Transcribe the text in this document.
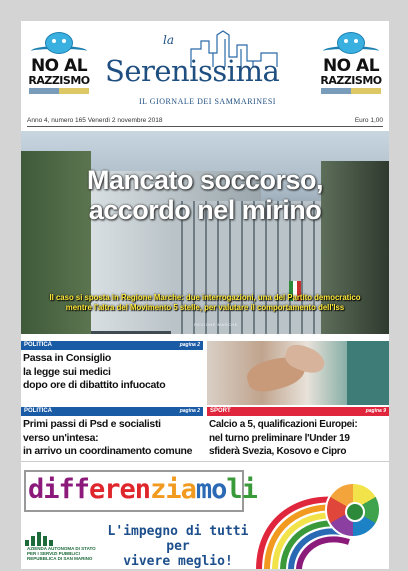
NO AL
RAZZISMO
la
Serenissima
IL GIORNALE DEI SAMMARINESI
NO AL
RAZZISMO
Anno 4, numero 165 Venerdì 2 novembre 2018	Euro 1,00
REGIONE MARCHE
Mancato soccorso,
accordo nel mirino
Il caso si sposta in Regione Marche: due interrogazioni, una del Partito democratico
mentre l'altra del Movimento 5 stelle, per valutare il comportamento dell'Iss
POLITICA	pagina 2
Passa in Consiglio
la legge sui medici
dopo ore di dibattito infuocato
POLITICA	pagina 2
Primi passi di Psd e socialisti
verso un'intesa:
in arrivo un coordinamento comune
SPORT	pagina 9
Calcio a 5, qualificazioni Europei:
nel turno preliminare l'Under 19
sfiderà Svezia, Kosovo e Cipro
differenziamoli
AZIENDA AUTONOMA DI STATO
PER I SERVIZI PUBBLICI
REPUBBLICA DI SAN MARINO
L'impegno di tutti per
vivere meglio!
